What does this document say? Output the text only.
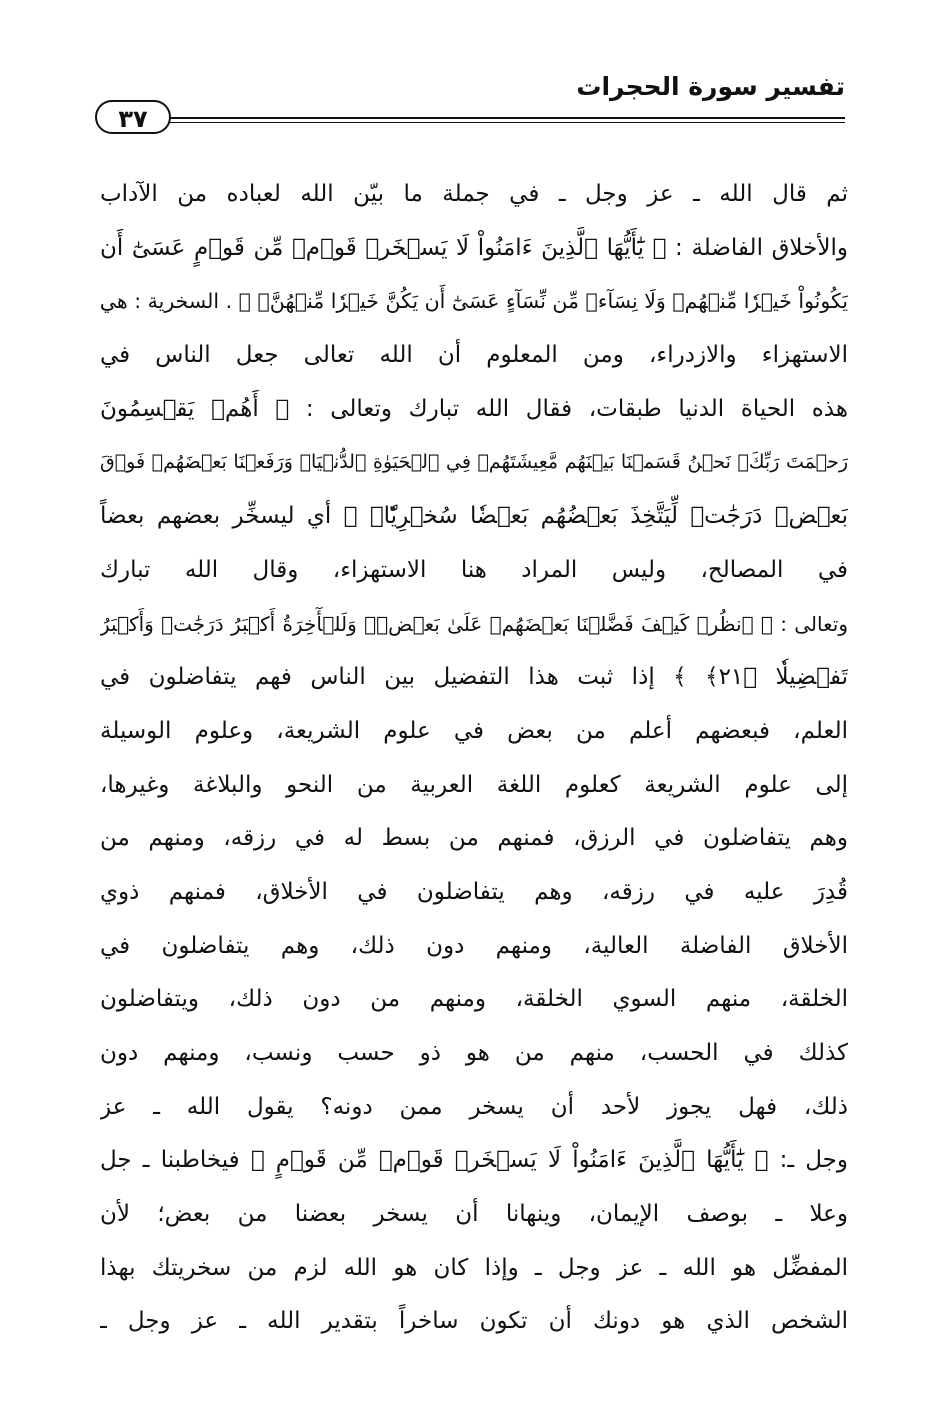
تفسير سورة الحجرات
٣٧
ثم قال الله ـ عز وجل ـ في جملة ما بيّن الله لعباده من الآداب
والأخلاق الفاضلة : ﴿ يَٰٓأَيُّهَا ٱلَّذِينَ ءَامَنُواْ لَا يَسۡخَرۡ قَوۡمٞ مِّن قَوۡمٍ عَسَىٰٓ أَن
يَكُونُواْ خَيۡرٗا مِّنۡهُمۡ وَلَا نِسَآءٞ مِّن نِّسَآءٍ عَسَىٰٓ أَن يَكُنَّ خَيۡرٗا مِّنۡهُنَّۖ ﴾ . السخرية : هي
الاستهزاء والازدراء، ومن المعلوم أن الله تعالى جعل الناس في
هذه الحياة الدنيا طبقات، فقال الله تبارك وتعالى : ﴿ أَهُمۡ يَقۡسِمُونَ
رَحۡمَتَ رَبِّكَۚ نَحۡنُ قَسَمۡنَا بَيۡنَهُم مَّعِيشَتَهُمۡ فِي ٱلۡحَيَوٰةِ ٱلدُّنۡيَاۚ وَرَفَعۡنَا بَعۡضَهُمۡ فَوۡقَ
بَعۡضٖ دَرَجَٰتٖ لِّيَتَّخِذَ بَعۡضُهُم بَعۡضٗا سُخۡرِيّٗاۗ ﴾ أي ليسخِّر بعضهم بعضاً
في المصالح، وليس المراد هنا الاستهزاء، وقال الله تبارك
وتعالى : ﴿ ٱنظُرۡ كَيۡفَ فَضَّلۡنَا بَعۡضَهُمۡ عَلَىٰ بَعۡضٖۚ وَلَلۡأٓخِرَةُ أَكۡبَرُ دَرَجَٰتٖ وَأَكۡبَرُ
تَفۡضِيلٗا ﴿٢١﴾ ﴾ إذا ثبت هذا التفضيل بين الناس فهم يتفاضلون في
العلم، فبعضهم أعلم من بعض في علوم الشريعة، وعلوم الوسيلة
إلى علوم الشريعة كعلوم اللغة العربية من النحو والبلاغة وغيرها،
وهم يتفاضلون في الرزق، فمنهم من بسط له في رزقه، ومنهم من
قُدِرَ عليه في رزقه، وهم يتفاضلون في الأخلاق، فمنهم ذوي
الأخلاق الفاضلة العالية، ومنهم دون ذلك، وهم يتفاضلون في
الخلقة، منهم السوي الخلقة، ومنهم من دون ذلك، ويتفاضلون
كذلك في الحسب، منهم من هو ذو حسب ونسب، ومنهم دون
ذلك، فهل يجوز لأحد أن يسخر ممن دونه؟ يقول الله ـ عز
وجل ـ: ﴿ يَٰٓأَيُّهَا ٱلَّذِينَ ءَامَنُواْ لَا يَسۡخَرۡ قَوۡمٞ مِّن قَوۡمٍ ﴾ فيخاطبنا ـ جل
وعلا ـ بوصف الإيمان، وينهانا أن يسخر بعضنا من بعض؛ لأن
المفضِّل هو الله ـ عز وجل ـ وإذا كان هو الله لزم من سخريتك بهذا
الشخص الذي هو دونك أن تكون ساخراً بتقدير الله ـ عز وجل ـ
